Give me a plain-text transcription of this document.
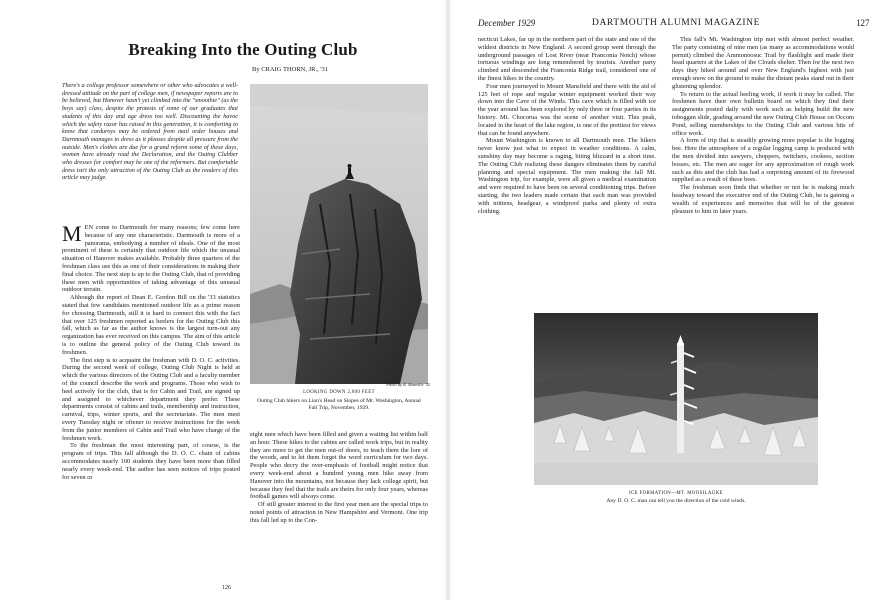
Breaking Into the Outing Club

By CRAIG THORN, JR., '31

There's a college professor somewhere or other who advocates a well-dressed attitude on the part of college men, if newspaper reports are to be believed, but Hanover hasn't yet climbed into the "smoothie" (as the boys say) class, despite the protests of some of our graduates that students of this day and age dress too well. Discounting the havoc which the safety razor has raised in this generation, it is comforting to know that corduroys may be ordered from mail order houses and Dartmouth manages to dress as it pleases despite all pressure from the outside. Men's clothes are due for a grand reform some of these days, women have already read the Declaration, and the Outing Clubber who dresses for comfort may be one of the reformers. But comfortable dress isn't the only attraction of the Outing Club as the readers of this article may judge.

MEN come to Dartmouth for many reasons; few come here because of any one characteristic. Dartmouth is more of a panorama, embodying a number of ideals. One of the most prominent of these is certainly that outdoor life which the unusual situation of Hanover makes available. Probably three quarters of the freshman class use this as one of their considerations in making their final choice. The next step is up to the Outing Club, that of providing these men with opportunities of taking advantage of this unusual outdoor terrain.

Although the report of Dean E. Gordon Bill on the '33 statistics stated that few candidates mentioned outdoor life as a prime reason for choosing Dartmouth, still it is hard to connect this with the fact that over 125 freshmen reported as heelers for the Outing Club this fall, which as far as the author knows is the largest turn-out any organization has ever received on this campus. The aim of this article is to outline the general policy of the Outing Club toward its freshmen.

The first step is to acquaint the freshman with D. O. C. activities. During the second week of college, Outing Club Night is held at which the various directors of the Outing Club and a faculty member of the council describe the work and programs. Those who wish to heel actively for the club, that is for Cabin and Trail, are signed up and assigned to whichever department they prefer. These departments consist of cabins and trails, membership and instruction, carnival, trips, winter sports, and the secretariate. The men meet every Tuesday night or oftener to receive instructions for the week from the junior members of Cabin and Trail who have charge of the freshmen work.

To the freshman the most interesting part, of course, is the program of trips. This fall although the D. O. C. chain of cabins accommodates nearly 100 students they have been more than filled nearly every week-end. The author has seen notices of trips posted for seven or

Photo by R. Manville '32

LOOKING DOWN 2,000 FEET

Outing Club hikers on Lion's Head on Slopes of Mt. Washington, Annual Fall Trip, November, 1929.

eight men which have been filled and given a waiting list within half an hour. These hikes to the cabins are called work trips, but in reality they are more to get the men out-of doors, to teach them the lore of the woods, and to let them forget the word curriculum for two days. People who decry the over-emphasis of football might notice that every week-end about a hundred young men hike away from Hanover into the mountains, not because they lack college spirit, but because they feel that the trails are theirs for only four years, whereas football games will always come.

Of still greater interest to the first year men are the special trips to noted points of attraction in New Hampshire and Vermont. One trip this fall led up to the Con-

126

December 1929	DARTMOUTH ALUMNI MAGAZINE	127

necticut Lakes, far up in the northern part of the state and one of the wildest districts in New England. A second group went through the underground passages of Lost River (near Franconia Notch) whose tortuous windings are long remembered by tourists. Another party climbed and descended the Franconia Ridge trail, considered one of the finest hikes in the country.

Four men journeyed to Mount Mansfield and there with the aid of 125 feet of rope and regular winter equipment worked their way down into the Cave of the Winds. This cave which is filled with ice the year around has been explored by only three or four parties in its history. Mt. Chocorua was the scene of another visit. This peak, located in the heart of the lake region, is one of the prettiest for views that can be found anywhere.

Mount Washington is known to all Dartmouth men. The hikers never know just what to expect in weather conditions. A calm, sunshiny day may become a raging, biting blizzard in a short time. The Outing Club realizing these dangers eliminates them by careful planning and special equipment. The men making the fall Mt. Washington trip, for example, were all given a medical examination and were required to have been on several conditioning trips. Before starting, the two leaders made certain that each man was provided with mittens, headgear, a windproof parka and plenty of extra clothing.

This fall's Mt. Washington trip met with almost perfect weather. The party consisting of nine men (as many as accommodations would permit) climbed the Ammonoosuc Trail by flashlight and made their head quarters at the Lakes of the Clouds shelter. Then for the next two days they hiked around and over New England's highest with just enough snow on the ground to make the distant peaks stand out in their glistening splendor.

To return to the actual heeling work, if work it may be called. The freshmen have their own bulletin board on which they find their assignments posted daily with work such as helping build the new toboggan slide, grading around the new Outing Club House on Occom Pond, selling memberships to the Outing Club and various bits of office work.

A form of trip that is steadily growing more popular is the logging bee. Here the atmosphere of a regular logging camp is produced with the men divided into sawyers, choppers, twitchers, cookees, section bosses, etc. The men are eager for any approximation of rough work such as this and the club has had a surprising amount of its firewood supplied as a result of these bees.

The freshman soon finds that whether or not he is making much headway toward the executive end of the Outing Club, he is gaining a wealth of experiences and memories that will be of the greatest pleasure to him in later years.

ICE FORMATION—MT. MOOSILAUKE

Any D. O. C. man can tell you the direction of the cold winds.
